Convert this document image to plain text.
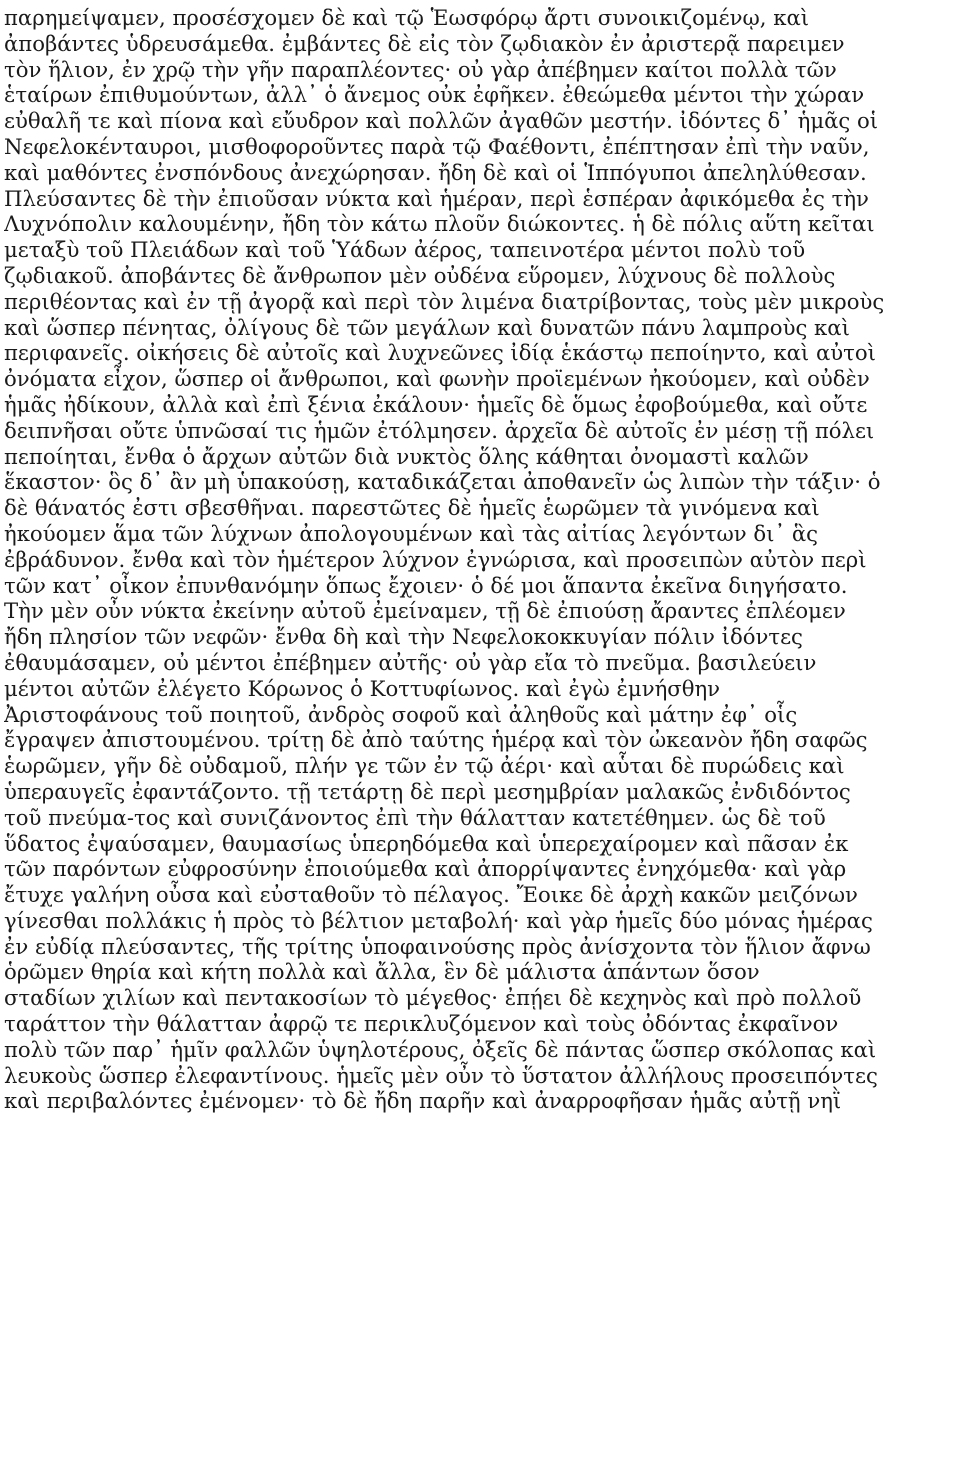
παρημείψαμεν, προσέσχομεν δὲ καὶ τῷ Ἑωσφόρῳ ἄρτι συνοικιζομένῳ, καὶ
ἀποβάντες ὑδρευσάμεθα. ἐμβάντες δὲ εἰς τὸν ζῳδιακὸν ἐν ἀριστερᾷ παρειμεν
τὸν ἥλιον, ἐν χρῷ τὴν γῆν παραπλέοντες· οὐ γὰρ ἀπέβημεν καίτοι πολλὰ τῶν
ἑταίρων ἐπιθυμούντων, ἀλλ᾽ ὁ ἄνεμος οὐκ ἐφῆκεν. ἐθεώμεθα μέντοι τὴν χώραν
εὐθαλῆ τε καὶ πίονα καὶ εὔυδρον καὶ πολλῶν ἀγαθῶν μεστήν. ἰδόντες δ᾽ ἡμᾶς οἱ
Νεφελοκένταυροι, μισθοφοροῦντες παρὰ τῷ Φαέθοντι, ἐπέπτησαν ἐπὶ τὴν ναῦν,
καὶ μαθόντες ἐνσπόνδους ἀνεχώρησαν. ἤδη δὲ καὶ οἱ Ἱππόγυποι ἀπεληλύθεσαν.
Πλεύσαντες δὲ τὴν ἐπιοῦσαν νύκτα καὶ ἡμέραν, περὶ ἑσπέραν ἀφικόμεθα ἐς τὴν
Λυχνόπολιν καλουμένην, ἤδη τὸν κάτω πλοῦν διώκοντες. ἡ δὲ πόλις αὕτη κεῖται
μεταξὺ τοῦ Πλειάδων καὶ τοῦ Ὑάδων ἀέρος, ταπεινοτέρα μέντοι πολὺ τοῦ
ζῳδιακοῦ. ἀποβάντες δὲ ἄνθρωπον μὲν οὐδένα εὕρομεν, λύχνους δὲ πολλοὺς
περιθέοντας καὶ ἐν τῇ ἀγορᾷ καὶ περὶ τὸν λιμένα διατρίβοντας, τοὺς μὲν μικροὺς
καὶ ὥσπερ πένητας, ὀλίγους δὲ τῶν μεγάλων καὶ δυνατῶν πάνυ λαμπροὺς καὶ
περιφανεῖς. οἰκήσεις δὲ αὐτοῖς καὶ λυχνεῶνες ἰδίᾳ ἑκάστῳ πεποίηντο, καὶ αὐτοὶ
ὀνόματα εἶχον, ὥσπερ οἱ ἄνθρωποι, καὶ φωνὴν προϊεμένων ἠκούομεν, καὶ οὐδὲν
ἡμᾶς ἠδίκουν, ἀλλὰ καὶ ἐπὶ ξένια ἐκάλουν· ἡμεῖς δὲ ὅμως ἐφοβούμεθα, καὶ οὔτε
δειπνῆσαι οὔτε ὑπνῶσαί τις ἡμῶν ἐτόλμησεν. ἀρχεῖα δὲ αὐτοῖς ἐν μέσῃ τῇ πόλει
πεποίηται, ἔνθα ὁ ἄρχων αὐτῶν διὰ νυκτὸς ὅλης κάθηται ὀνομαστὶ καλῶν
ἕκαστον· ὃς δ᾽ ἂν μὴ ὑπακούσῃ, καταδικάζεται ἀποθανεῖν ὡς λιπὼν τὴν τάξιν· ὁ
δὲ θάνατός ἐστι σβεσθῆναι. παρεστῶτες δὲ ἡμεῖς ἑωρῶμεν τὰ γινόμενα καὶ
ἠκούομεν ἅμα τῶν λύχνων ἀπολογουμένων καὶ τὰς αἰτίας λεγόντων δι᾽ ἃς
ἐβράδυνον. ἔνθα καὶ τὸν ἡμέτερον λύχνον ἐγνώρισα, καὶ προσειπὼν αὐτὸν περὶ
τῶν κατ᾽ οἶκον ἐπυνθανόμην ὅπως ἔχοιεν· ὁ δέ μοι ἅπαντα ἐκεῖνα διηγήσατο.
Τὴν μὲν οὖν νύκτα ἐκείνην αὐτοῦ ἐμείναμεν, τῇ δὲ ἐπιούσῃ ἄραντες ἐπλέομεν
ἤδη πλησίον τῶν νεφῶν· ἔνθα δὴ καὶ τὴν Νεφελοκοκκυγίαν πόλιν ἰδόντες
ἐθαυμάσαμεν, οὐ μέντοι ἐπέβημεν αὐτῆς· οὐ γὰρ εἴα τὸ πνεῦμα. βασιλεύειν
μέντοι αὐτῶν ἐλέγετο Κόρωνος ὁ Κοττυφίωνος. καὶ ἐγὼ ἐμνήσθην
Ἀριστοφάνους τοῦ ποιητοῦ, ἀνδρὸς σοφοῦ καὶ ἀληθοῦς καὶ μάτην ἐφ᾽ οἷς
ἔγραψεν ἀπιστουμένου. τρίτῃ δὲ ἀπὸ ταύτης ἡμέρᾳ καὶ τὸν ὠκεανὸν ἤδη σαφῶς
ἑωρῶμεν, γῆν δὲ οὐδαμοῦ, πλήν γε τῶν ἐν τῷ ἀέρι· καὶ αὗται δὲ πυρώδεις καὶ
ὑπεραυγεῖς ἐφαντάζοντο. τῇ τετάρτῃ δὲ περὶ μεσημβρίαν μαλακῶς ἐνδιδόντος
τοῦ πνεύμα-τος καὶ συνιζάνοντος ἐπὶ τὴν θάλατταν κατετέθημεν. ὡς δὲ τοῦ
ὕδατος ἐψαύσαμεν, θαυμασίως ὑπερηδόμεθα καὶ ὑπερεχαίρομεν καὶ πᾶσαν ἐκ
τῶν παρόντων εὐφροσύνην ἐποιούμεθα καὶ ἀπορρίψαντες ἐνηχόμεθα· καὶ γὰρ
ἔτυχε γαλήνη οὖσα καὶ εὐσταθοῦν τὸ πέλαγος. Ἔοικε δὲ ἀρχὴ κακῶν μειζόνων
γίνεσθαι πολλάκις ἡ πρὸς τὸ βέλτιον μεταβολή· καὶ γὰρ ἡμεῖς δύο μόνας ἡμέρας
ἐν εὐδίᾳ πλεύσαντες, τῆς τρίτης ὑποφαινούσης πρὸς ἀνίσχοντα τὸν ἥλιον ἄφνω
ὁρῶμεν θηρία καὶ κήτη πολλὰ καὶ ἄλλα, ἓν δὲ μάλιστα ἁπάντων ὅσον
σταδίων χιλίων καὶ πεντακοσίων τὸ μέγεθος· ἐπῄει δὲ κεχηνὸς καὶ πρὸ πολλοῦ
ταράττον τὴν θάλατταν ἀφρῷ τε περικλυζόμενον καὶ τοὺς ὀδόντας ἐκφαῖνον
πολὺ τῶν παρ᾽ ἡμῖν φαλλῶν ὑψηλοτέρους, ὀξεῖς δὲ πάντας ὥσπερ σκόλοπας καὶ
λευκοὺς ὥσπερ ἐλεφαντίνους. ἡμεῖς μὲν οὖν τὸ ὕστατον ἀλλήλους προσειπόντες
καὶ περιβαλόντες ἐμένομεν· τὸ δὲ ἤδη παρῆν καὶ ἀναρροφῆσαν ἡμᾶς αὐτῇ νηῒ
